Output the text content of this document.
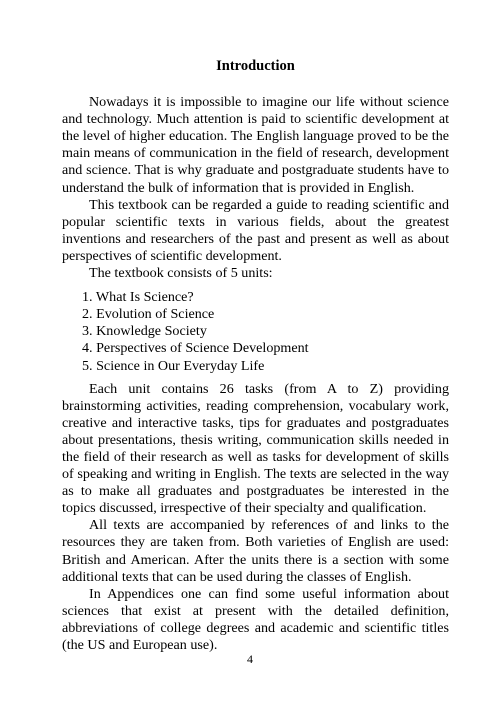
Introduction

Nowadays it is impossible to imagine our life without science and technology. Much attention is paid to scientific development at the level of higher education. The English language proved to be the main means of communication in the field of research, development and science. That is why graduate and postgraduate students have to understand the bulk of information that is provided in English.

This textbook can be regarded a guide to reading scientific and popular scientific texts in various fields, about the greatest inventions and researchers of the past and present as well as about perspectives of scientific development.

The textbook consists of 5 units:

1. What Is Science?
2. Evolution of Science
3. Knowledge Society
4. Perspectives of Science Development
5. Science in Our Everyday Life

Each unit contains 26 tasks (from A to Z) providing brainstorming activities, reading comprehension, vocabulary work, creative and interactive tasks, tips for graduates and postgraduates about presentations, thesis writing, communication skills needed in the field of their research as well as tasks for development of skills of speaking and writing in English. The texts are selected in the way as to make all graduates and postgraduates be interested in the topics discussed, irrespective of their specialty and qualification.

All texts are accompanied by references of and links to the resources they are taken from. Both varieties of English are used: British and American. After the units there is a section with some additional texts that can be used during the classes of English.

In Appendices one can find some useful information about sciences that exist at present with the detailed definition, abbreviations of college degrees and academic and scientific titles (the US and European use).

4
